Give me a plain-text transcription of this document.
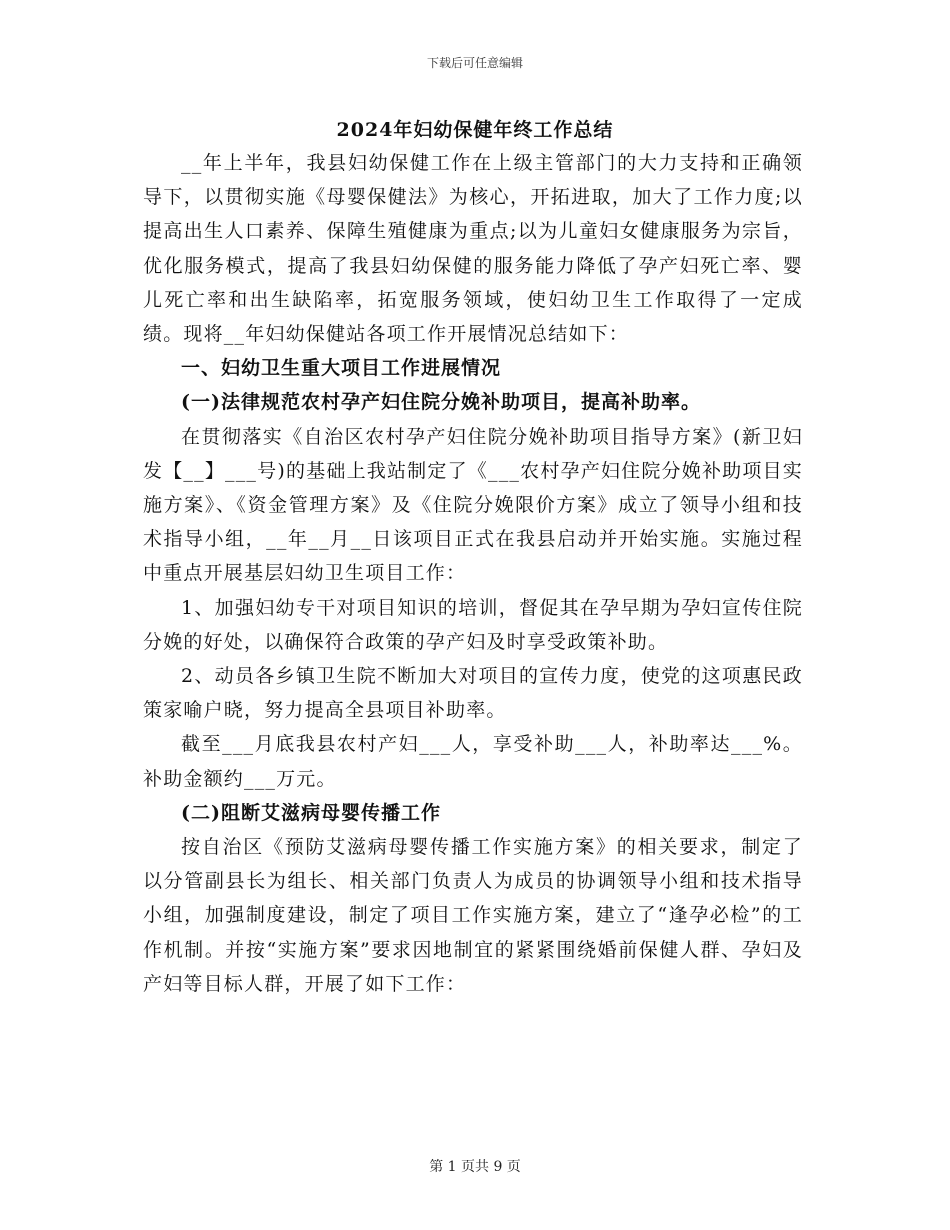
下载后可任意编辑
2024年妇幼保健年终工作总结

__年上半年，我县妇幼保健工作在上级主管部门的大力支持和正确领导下，以贯彻实施《母婴保健法》为核心，开拓进取，加大了工作力度;以提高出生人口素养、保障生殖健康为重点;以为儿童妇女健康服务为宗旨，优化服务模式，提高了我县妇幼保健的服务能力降低了孕产妇死亡率、婴儿死亡率和出生缺陷率，拓宽服务领域，使妇幼卫生工作取得了一定成绩。现将__年妇幼保健站各项工作开展情况总结如下：

一、妇幼卫生重大项目工作进展情况

(一)法律规范农村孕产妇住院分娩补助项目，提高补助率。

在贯彻落实《自治区农村孕产妇住院分娩补助项目指导方案》(新卫妇发【__】___号)的基础上我站制定了《___农村孕产妇住院分娩补助项目实施方案》、《资金管理方案》及《住院分娩限价方案》成立了领导小组和技术指导小组，__年__月__日该项目正式在我县启动并开始实施。实施过程中重点开展基层妇幼卫生项目工作：

1、加强妇幼专干对项目知识的培训，督促其在孕早期为孕妇宣传住院分娩的好处，以确保符合政策的孕产妇及时享受政策补助。

2、动员各乡镇卫生院不断加大对项目的宣传力度，使党的这项惠民政策家喻户晓，努力提高全县项目补助率。

截至___月底我县农村产妇___人，享受补助___人，补助率达___%。补助金额约___万元。

(二)阻断艾滋病母婴传播工作

按自治区《预防艾滋病母婴传播工作实施方案》的相关要求，制定了以分管副县长为组长、相关部门负责人为成员的协调领导小组和技术指导小组，加强制度建设，制定了项目工作实施方案，建立了“逢孕必检”的工作机制。并按“实施方案”要求因地制宜的紧紧围绕婚前保健人群、孕妇及产妇等目标人群，开展了如下工作：

第 1 页共 9 页
